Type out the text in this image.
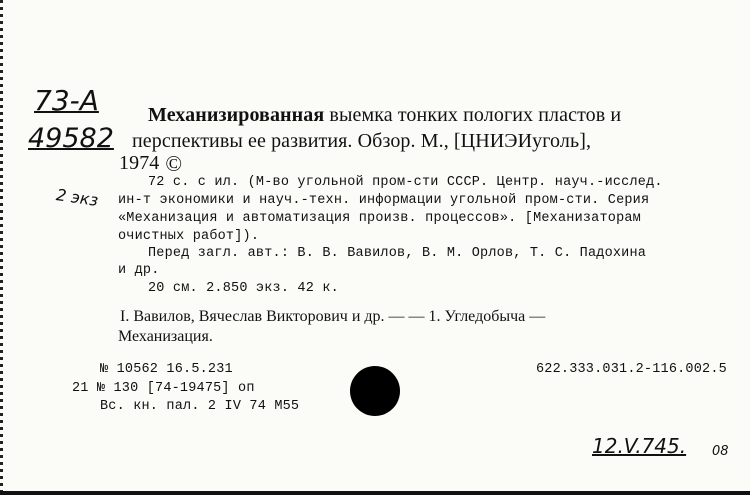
73-A
49582
2 экз
Механизированная выемка тонких пологих пластов и
перспективы ее развития. Обзор. М., [ЦНИЭИуголь],
1974 ©
72 с. с ил. (М-во угольной пром-сти СССР. Центр. науч.-исслед.
ин-т экономики и науч.-техн. информации угольной пром-сти. Серия
«Механизация и автоматизация произв. процессов». [Механизаторам
очистных работ]).
Перед загл. авт.: В. В. Вавилов, В. М. Орлов, Т. С. Падохина
и др.
20 см. 2.850 экз. 42 к.
I. Вавилов, Вячеслав Викторович и др. — — 1. Угледобыча —
Механизация.
№ 10562 16.5.231	622.333.031.2-116.002.5
21 № 130 [74-19475] оп
Вс. кн. пал. 2 IV 74 М55
12.V.745. 08
